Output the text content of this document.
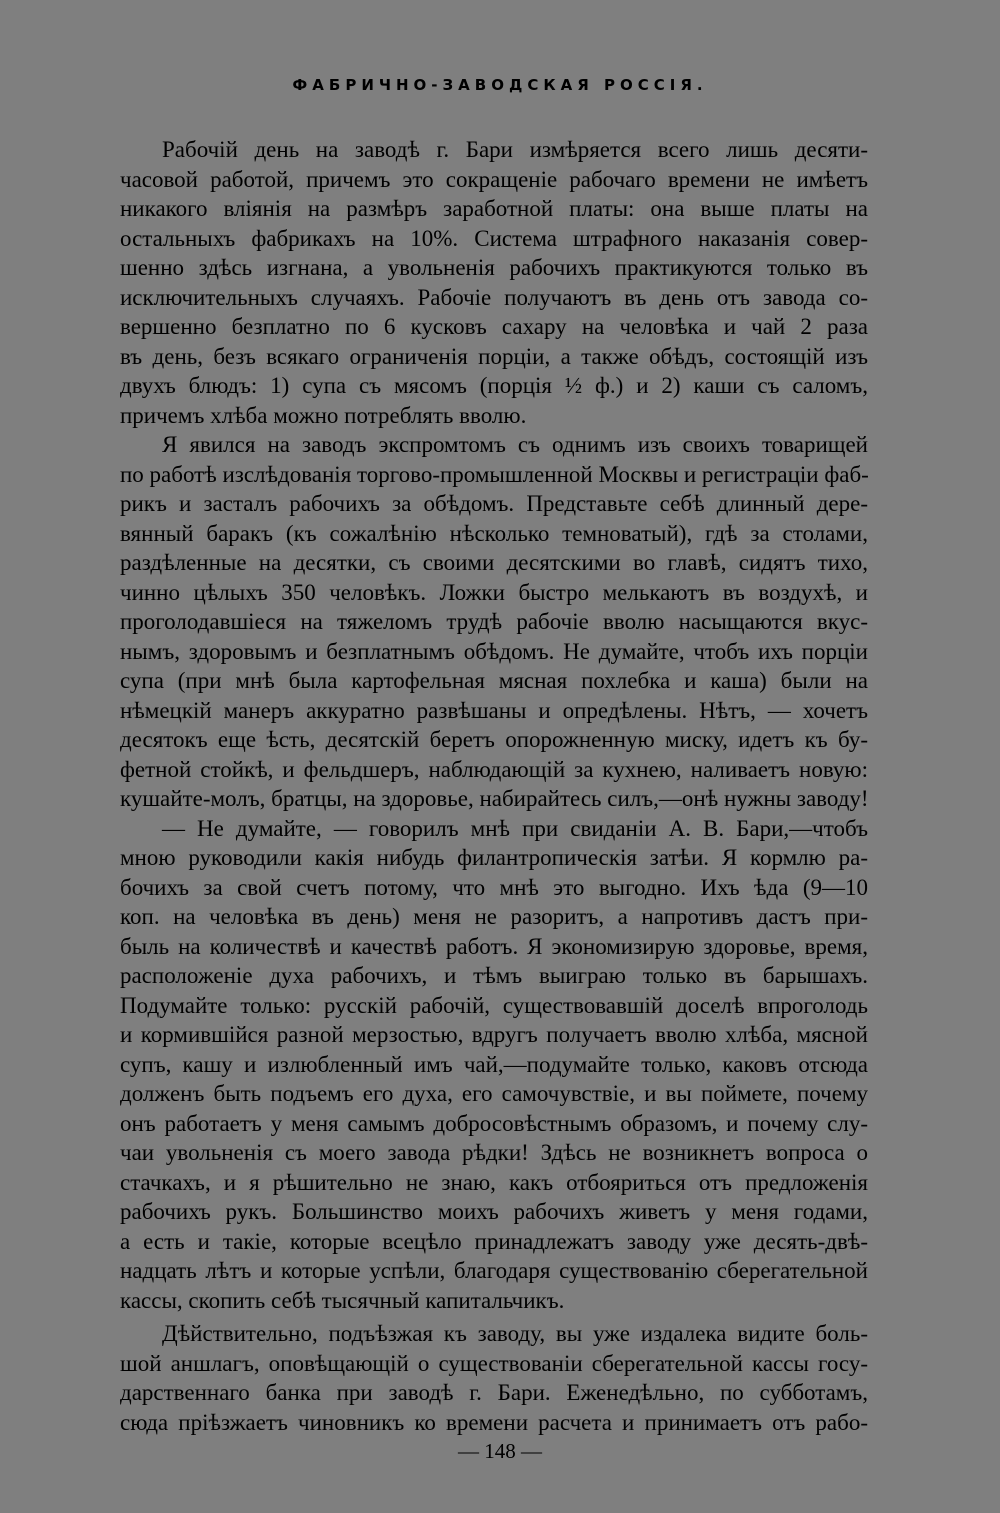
ФАБРИЧНО-ЗАВОДСКАЯ РОССІЯ.
Рабочій день на заводѣ г. Бари измѣряется всего лишь десяти-
часовой работой, причемъ это сокращеніе рабочаго времени не имѣетъ
никакого вліянія на размѣръ заработной платы: она выше платы на
остальныхъ фабрикахъ на 10%. Система штрафного наказанія совер-
шенно здѣсь изгнана, а увольненія рабочихъ практикуются только въ
исключительныхъ случаяхъ. Рабочіе получаютъ въ день отъ завода со-
вершенно безплатно по 6 кусковъ сахару на человѣка и чай 2 раза
въ день, безъ всякаго ограниченія порціи, а также обѣдъ, состоящій изъ
двухъ блюдъ: 1) супа съ мясомъ (порція ½ ф.) и 2) каши съ саломъ,
причемъ хлѣба можно потреблять вволю.
Я явился на заводъ экспромтомъ съ однимъ изъ своихъ товарищей
по работѣ изслѣдованія торгово-промышленной Москвы и регистраціи фаб-
рикъ и засталъ рабочихъ за обѣдомъ. Представьте себѣ длинный дере-
вянный баракъ (къ сожалѣнію нѣсколько темноватый), гдѣ за столами,
раздѣленные на десятки, съ своими десятскими во главѣ, сидятъ тихо,
чинно цѣлыхъ 350 человѣкъ. Ложки быстро мелькаютъ въ воздухѣ, и
проголодавшіеся на тяжеломъ трудѣ рабочіе вволю насыщаются вкус-
нымъ, здоровымъ и безплатнымъ обѣдомъ. Не думайте, чтобъ ихъ порціи
супа (при мнѣ была картофельная мясная похлебка и каша) были на
нѣмецкій манеръ аккуратно развѣшаны и опредѣлены. Нѣтъ, — хочетъ
десятокъ еще ѣсть, десятскій беретъ опорожненную миску, идетъ къ бу-
фетной стойкѣ, и фельдшеръ, наблюдающій за кухнею, наливаетъ новую:
кушайте-молъ, братцы, на здоровье, набирайтесь силъ,—онѣ нужны заводу!
— Не думайте, — говорилъ мнѣ при свиданіи А. В. Бари,—чтобъ
мною руководили какія нибудь филантропическія затѣи. Я кормлю ра-
бочихъ за свой счетъ потому, что мнѣ это выгодно. Ихъ ѣда (9—10
коп. на человѣка въ день) меня не разоритъ, а напротивъ дастъ при-
быль на количествѣ и качествѣ работъ. Я экономизирую здоровье, время,
расположеніе духа рабочихъ, и тѣмъ выиграю только въ барышахъ.
Подумайте только: русскій рабочій, существовавшій доселѣ впроголодь
и кормившійся разной мерзостью, вдругъ получаетъ вволю хлѣба, мясной
супъ, кашу и излюбленный имъ чай,—подумайте только, каковъ отсюда
долженъ быть подъемъ его духа, его самочувствіе, и вы поймете, почему
онъ работаетъ у меня самымъ добросовѣстнымъ образомъ, и почему слу-
чаи увольненія съ моего завода рѣдки! Здѣсь не возникнетъ вопроса о
стачкахъ, и я рѣшительно не знаю, какъ отбояриться отъ предложенія
рабочихъ рукъ. Большинство моихъ рабочихъ живетъ у меня годами,
а есть и такіе, которые всецѣло принадлежатъ заводу уже десять-двѣ-
надцать лѣтъ и которые успѣли, благодаря существованію сберегательной
кассы, скопить себѣ тысячный капитальчикъ.
Дѣйствительно, подъѣзжая къ заводу, вы уже издалека видите боль-
шой аншлагъ, оповѣщающій о существованіи сберегательной кассы госу-
дарственнаго банка при заводѣ г. Бари. Еженедѣльно, по субботамъ,
сюда пріѣзжаетъ чиновникъ ко времени расчета и принимаетъ отъ рабо-
— 148 —
